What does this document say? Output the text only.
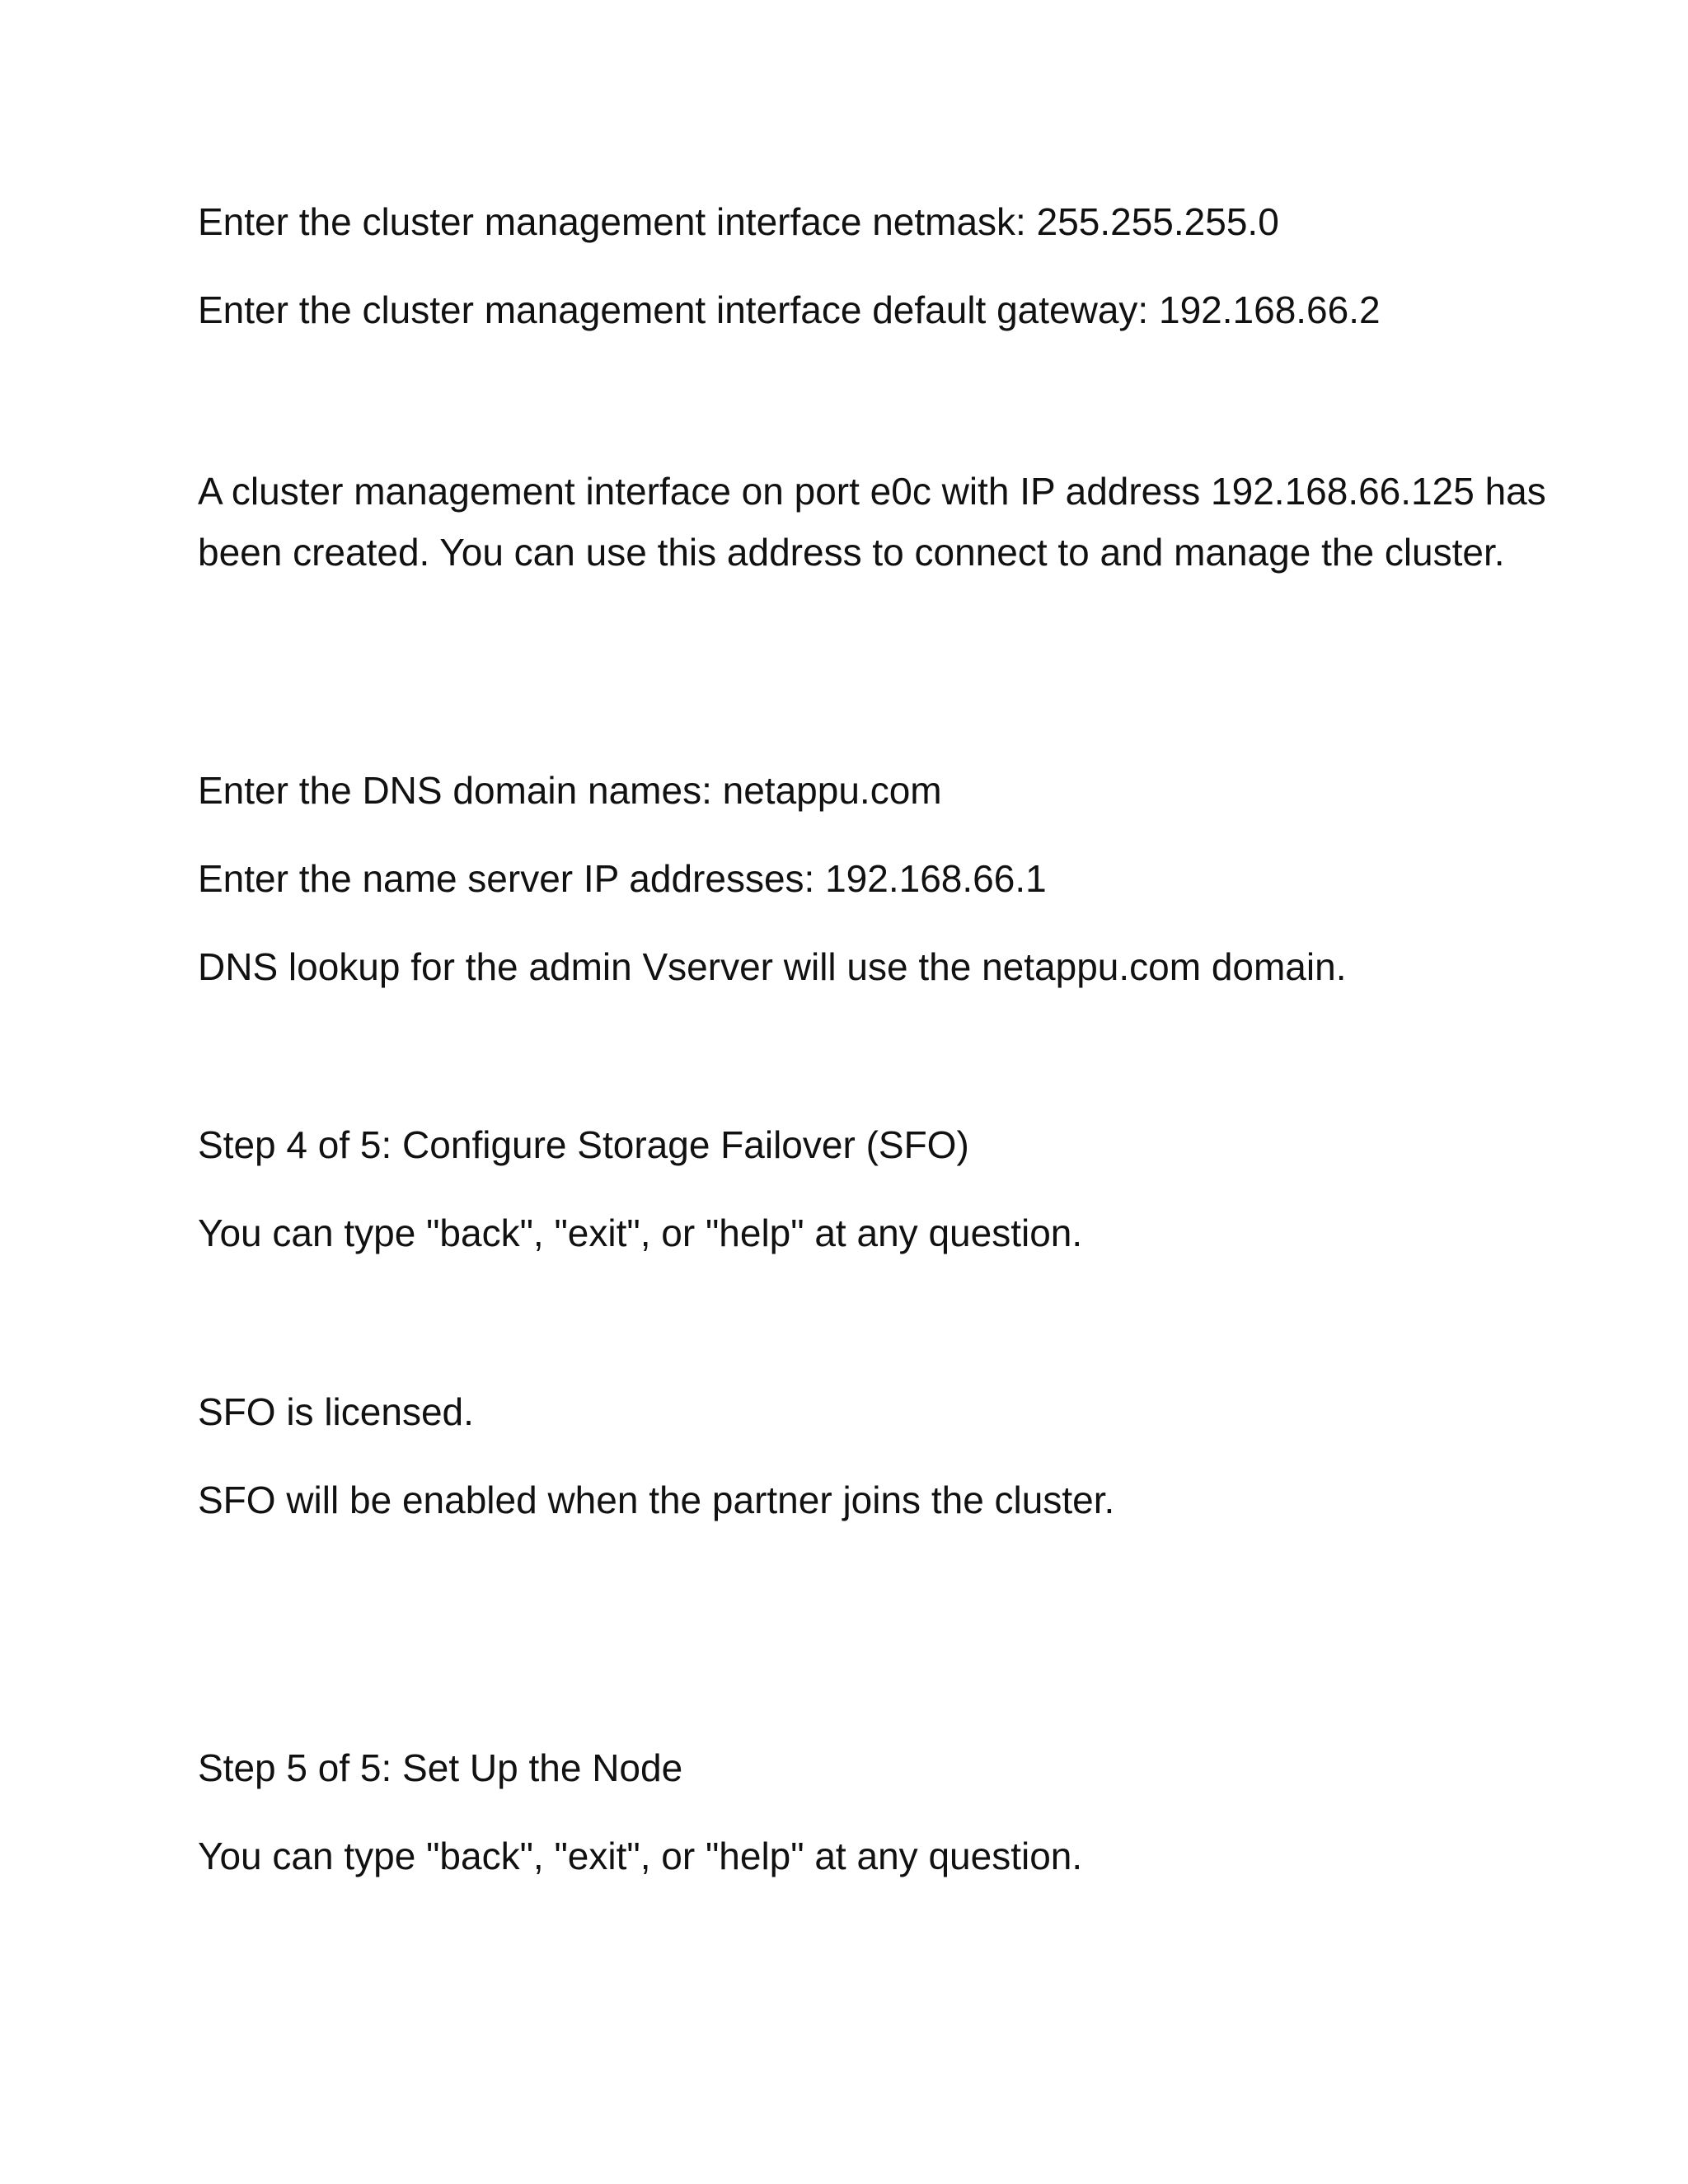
Enter the cluster management interface netmask: 255.255.255.0

Enter the cluster management interface default gateway: 192.168.66.2

A cluster management interface on port e0c with IP address 192.168.66.125 has been created. You can use this address to connect to and manage the cluster.

Enter the DNS domain names: netappu.com

Enter the name server IP addresses: 192.168.66.1

DNS lookup for the admin Vserver will use the netappu.com domain.

Step 4 of 5: Configure Storage Failover (SFO)

You can type "back", "exit", or "help" at any question.

SFO is licensed.

SFO will be enabled when the partner joins the cluster.

Step 5 of 5: Set Up the Node

You can type "back", "exit", or "help" at any question.
